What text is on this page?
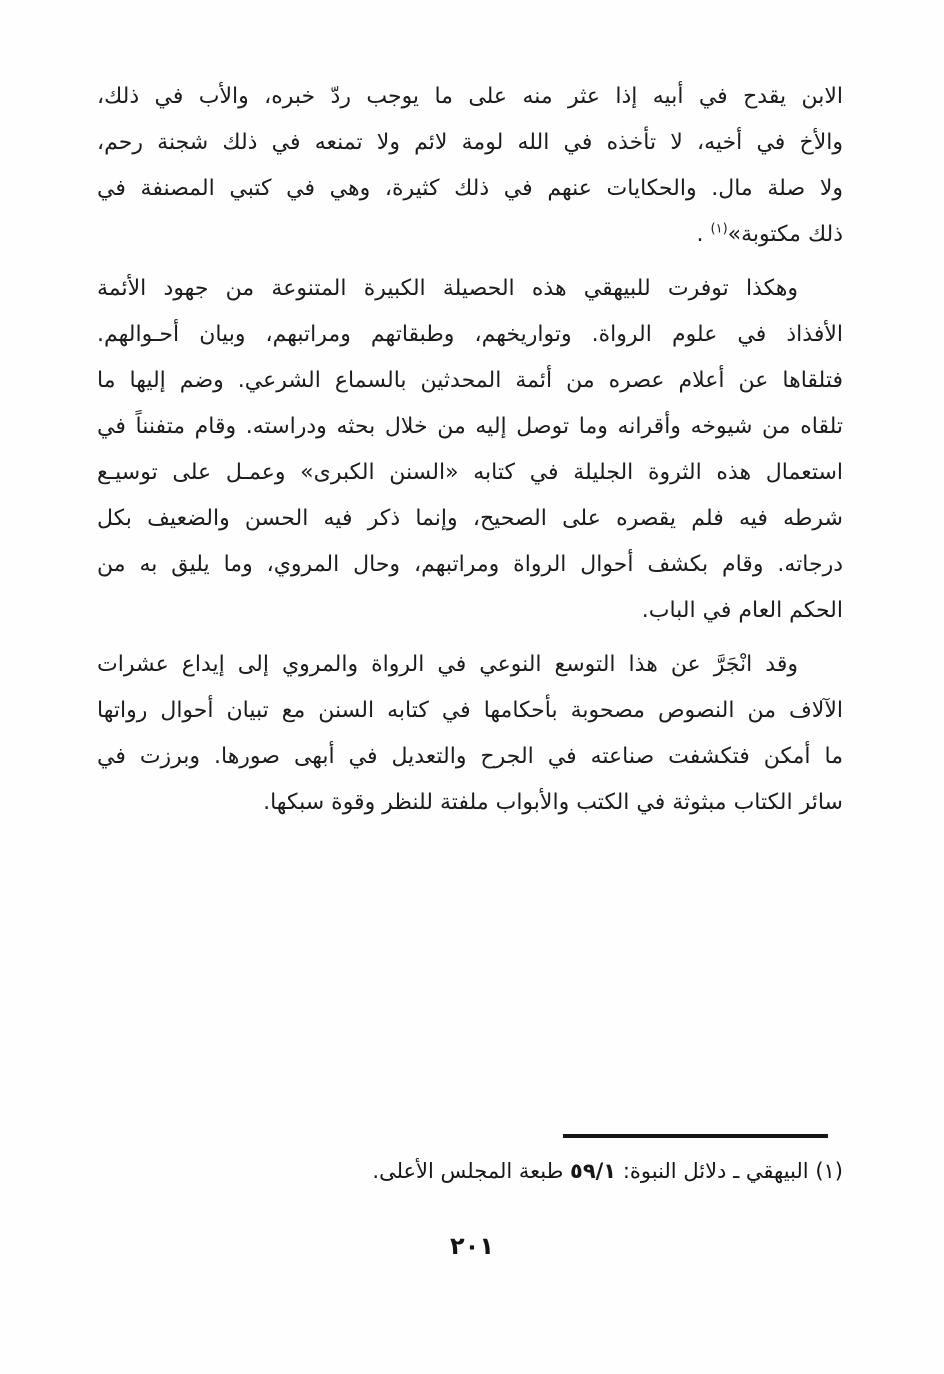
الابن يقدح في أبيه إذا عثر منه على ما يوجب ردّ خبره، والأب في ذلك،
والأخ في أخيه، لا تأخذه في الله لومة لائم ولا تمنعه في ذلك شجنة رحم،
ولا صلة مال. والحكايات عنهم في ذلك كثيرة، وهي في كتبي المصنفة في
ذلك مكتوبة»$^{(١)}$ .
وهكذا توفرت للبيهقي هذه الحصيلة الكبيرة المتنوعة من جهود الأئمة
الأفذاذ في علوم الرواة. وتواريخهم، وطبقاتهم ومراتبهم، وبيان أحـوالهم.
فتلقاها عن أعلام عصره من أئمة المحدثين بالسماع الشرعي. وضم إليها ما
تلقاه من شيوخه وأقرانه وما توصل إليه من خلال بحثه ودراسته. وقام متفنناً في
استعمال هذه الثروة الجليلة في كتابه «السنن الكبرى» وعمـل على توسيـع
شرطه فيه فلم يقصره على الصحيح، وإنما ذكر فيه الحسن والضعيف بكل
درجاته. وقام بكشف أحوال الرواة ومراتبهم، وحال المروي، وما يليق به من
الحكم العام في الباب.
وقد انْجَرَّ عن هذا التوسع النوعي في الرواة والمروي إلى إيداع عشرات
الآلاف من النصوص مصحوبة بأحكامها في كتابه السنن مع تبيان أحوال رواتها
ما أمكن فتكشفت صناعته في الجرح والتعديل في أبهى صورها. وبرزت في
سائر الكتاب مبثوثة في الكتب والأبواب ملفتة للنظر وقوة سبكها.
(١) البيهقي ـ دلائل النبوة: ٥٩/١ طبعة المجلس الأعلى.
٢٠١
